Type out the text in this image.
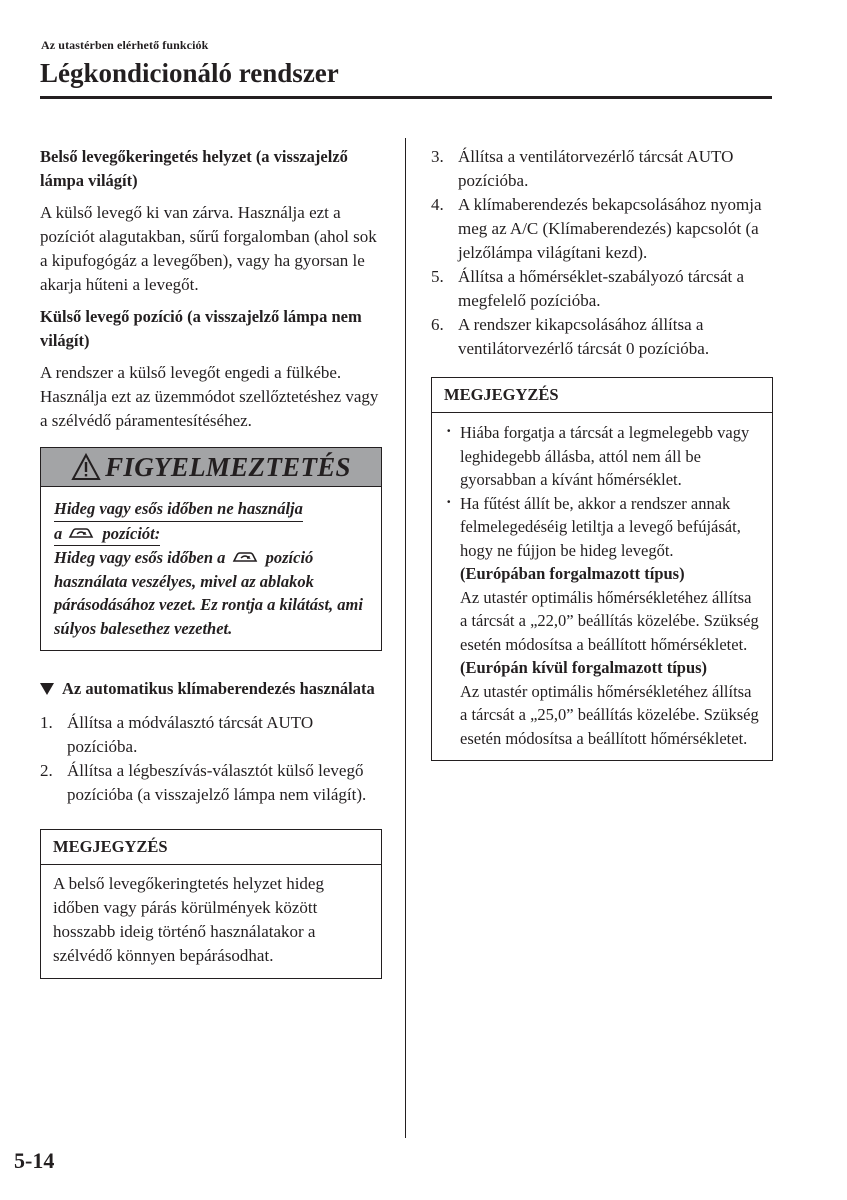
Az utastérben elérhető funkciók
Légkondicionáló rendszer

Belső levegőkeringetés helyzet (a visszajelző lámpa világít)

A külső levegő ki van zárva. Használja ezt a pozíciót alagutakban, sűrű forgalomban (ahol sok a kipufogógáz a levegőben), vagy ha gyorsan le akarja hűteni a levegőt.

Külső levegő pozíció (a visszajelző lámpa nem világít)

A rendszer a külső levegőt engedi a fülkébe. Használja ezt az üzemmódot szellőztetéshez vagy a szélvédő páramentesítéséhez.

FIGYELMEZTETÉS
Hideg vagy esős időben ne használja
a pozíciót:
Hideg vagy esős időben a pozíció használata veszélyes, mivel az ablakok párásodásához vezet. Ez rontja a kilátást, ami súlyos balesethez vezethet.
Az automatikus klímaberendezés használata
1. Állítsa a módválasztó tárcsát AUTO pozícióba.
2. Állítsa a légbeszívás-választót külső levegő pozícióba (a visszajelző lámpa nem világít).
MEGJEGYZÉS
A belső levegőkeringtetés helyzet hideg időben vagy párás körülmények között hosszabb ideig történő használatakor a szélvédő könnyen bepárásodhat.
3. Állítsa a ventilátorvezérlő tárcsát AUTO pozícióba.
4. A klímaberendezés bekapcsolásához nyomja meg az A/C (Klímaberendezés) kapcsolót (a jelzőlámpa világítani kezd).
5. Állítsa a hőmérséklet-szabályozó tárcsát a megfelelő pozícióba.
6. A rendszer kikapcsolásához állítsa a ventilátorvezérlő tárcsát 0 pozícióba.
MEGJEGYZÉS
· Hiába forgatja a tárcsát a legmelegebb vagy leghidegebb állásba, attól nem áll be gyorsabban a kívánt hőmérséklet.
· Ha fűtést állít be, akkor a rendszer annak felmelegedéséig letiltja a levegő befújását, hogy ne fújjon be hideg levegőt.
(Európában forgalmazott típus)
Az utastér optimális hőmérsékletéhez állítsa a tárcsát a „22,0” beállítás közelébe. Szükség esetén módosítsa a beállított hőmérsékletet.
(Európán kívül forgalmazott típus)
Az utastér optimális hőmérsékletéhez állítsa a tárcsát a „25,0” beállítás közelébe. Szükség esetén módosítsa a beállított hőmérsékletet.
5-14
